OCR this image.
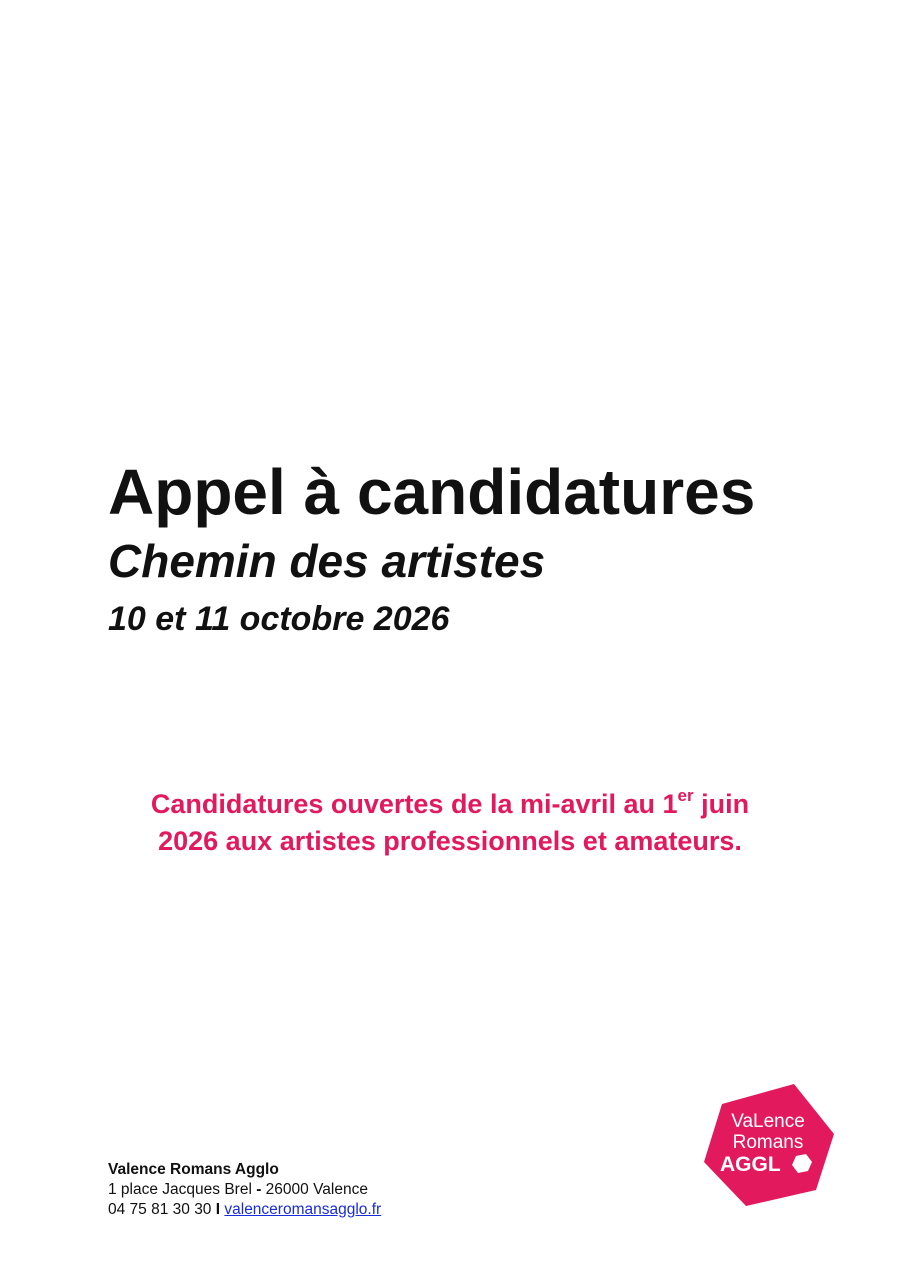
Appel à candidatures
Chemin des artistes

10 et 11 octobre 2026

Candidatures ouvertes de la mi-avril au 1er juin
2026 aux artistes professionnels et amateurs.

Valence Romans Agglo
1 place Jacques Brel - 26000 Valence
04 75 81 30 30 I valenceromansagglo.fr
VaLence
Romans
AGGL
